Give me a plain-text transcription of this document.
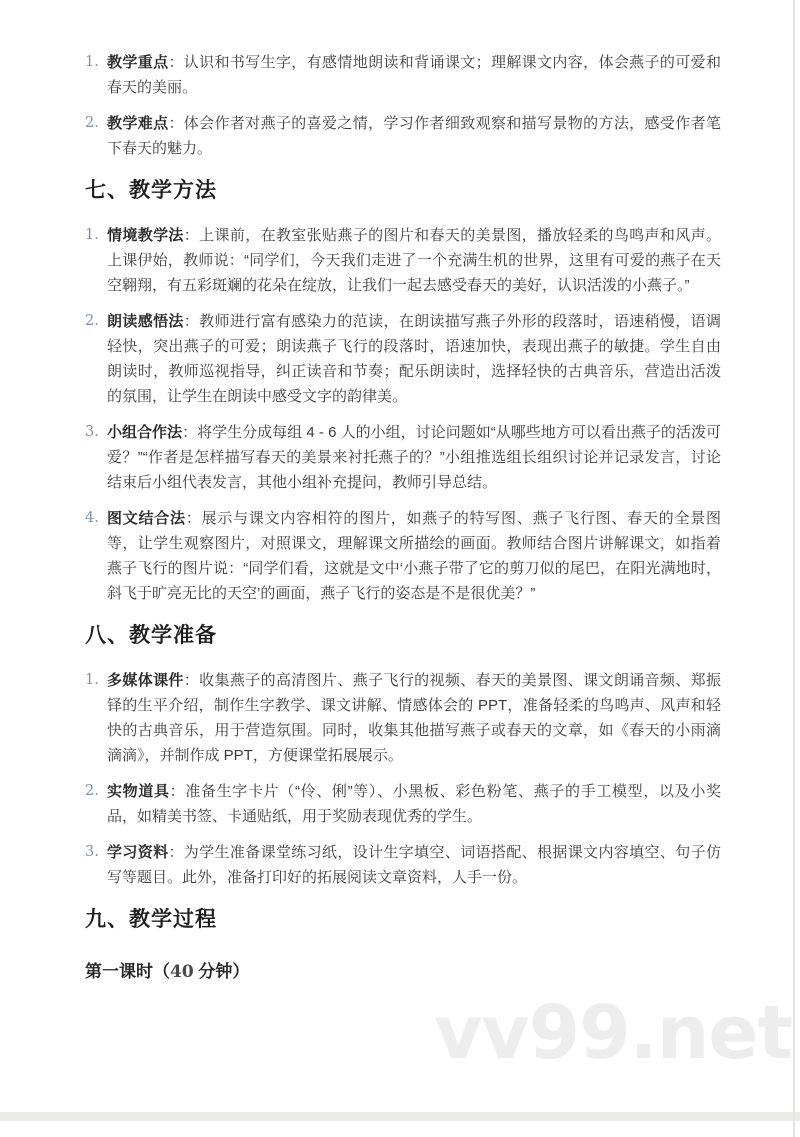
1. 教学重点：认识和书写生字，有感情地朗读和背诵课文；理解课文内容，体会燕子的可爱和春天的美丽。
2. 教学难点：体会作者对燕子的喜爱之情，学习作者细致观察和描写景物的方法，感受作者笔下春天的魅力。
七、教学方法
1. 情境教学法：上课前，在教室张贴燕子的图片和春天的美景图，播放轻柔的鸟鸣声和风声。上课伊始，教师说：“同学们，今天我们走进了一个充满生机的世界，这里有可爱的燕子在天空翱翔，有五彩斑斓的花朵在绽放，让我们一起去感受春天的美好，认识活泼的小燕子。”
2. 朗读感悟法：教师进行富有感染力的范读，在朗读描写燕子外形的段落时，语速稍慢，语调轻快，突出燕子的可爱；朗读燕子飞行的段落时，语速加快，表现出燕子的敏捷。学生自由朗读时，教师巡视指导，纠正读音和节奏；配乐朗读时，选择轻快的古典音乐，营造出活泼的氛围，让学生在朗读中感受文字的韵律美。
3. 小组合作法：将学生分成每组 4 - 6 人的小组，讨论问题如“从哪些地方可以看出燕子的活泼可爱？”“作者是怎样描写春天的美景来衬托燕子的？”小组推选组长组织讨论并记录发言，讨论结束后小组代表发言，其他小组补充提问，教师引导总结。
4. 图文结合法：展示与课文内容相符的图片，如燕子的特写图、燕子飞行图、春天的全景图等，让学生观察图片，对照课文，理解课文所描绘的画面。教师结合图片讲解课文，如指着燕子飞行的图片说：“同学们看，这就是文中‘小燕子带了它的剪刀似的尾巴，在阳光满地时，斜飞于旷亮无比的天空’的画面，燕子飞行的姿态是不是很优美？”
八、教学准备
1. 多媒体课件：收集燕子的高清图片、燕子飞行的视频、春天的美景图、课文朗诵音频、郑振铎的生平介绍，制作生字教学、课文讲解、情感体会的 PPT，准备轻柔的鸟鸣声、风声和轻快的古典音乐，用于营造氛围。同时，收集其他描写燕子或春天的文章，如《春天的小雨滴滴滴》，并制作成 PPT，方便课堂拓展展示。
2. 实物道具：准备生字卡片（“伶、俐”等）、小黑板、彩色粉笔、燕子的手工模型，以及小奖品，如精美书签、卡通贴纸，用于奖励表现优秀的学生。
3. 学习资料：为学生准备课堂练习纸，设计生字填空、词语搭配、根据课文内容填空、句子仿写等题目。此外，准备打印好的拓展阅读文章资料，人手一份。
九、教学过程
第一课时（40 分钟）
vv99.net
